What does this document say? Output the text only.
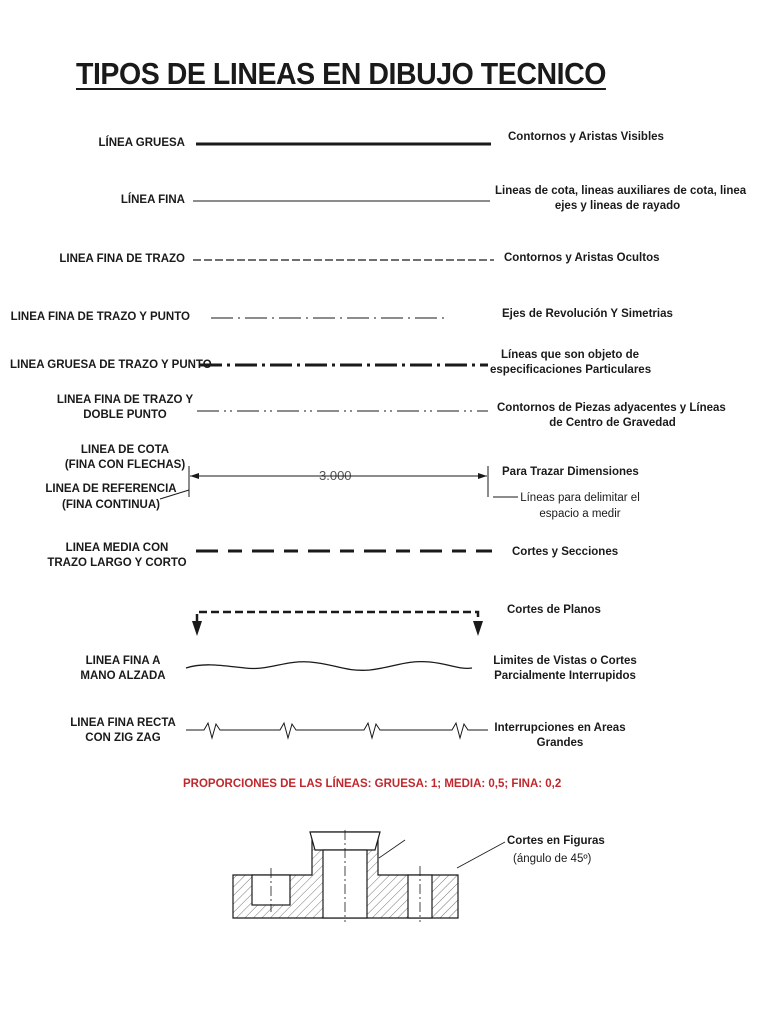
TIPOS DE LINEAS EN DIBUJO TECNICO
LÍNEA GRUESA
LÍNEA FINA
LINEA FINA DE TRAZO
LINEA FINA DE TRAZO Y PUNTO
LINEA GRUESA DE TRAZO Y PUNTO
LINEA FINA DE TRAZO Y
DOBLE PUNTO
LINEA DE COTA
(FINA CON FLECHAS)
LINEA DE REFERENCIA
(FINA CONTINUA)
LINEA MEDIA CON
TRAZO LARGO Y CORTO
LINEA FINA A
MANO ALZADA
LINEA FINA RECTA
CON ZIG ZAG
Contornos y Aristas Visibles
Lineas de cota, lineas auxiliares de cota, linea
ejes y lineas de rayado
Contornos y Aristas Ocultos
Ejes de Revolución Y Simetrias
Líneas que son objeto de
especificaciones Particulares
Contornos de Piezas adyacentes y Líneas
de Centro de Gravedad
Para Trazar Dimensiones
Líneas para delimitar el
espacio a medir
Cortes y Secciones
Cortes de Planos
Limites de Vistas o Cortes
Parcialmente Interrupidos
Interrupciones en Areas
Grandes
3.000
PROPORCIONES DE LAS LÍNEAS: GRUESA: 1; MEDIA: 0,5; FINA: 0,2
Cortes en Figuras
(ángulo de 45º)
